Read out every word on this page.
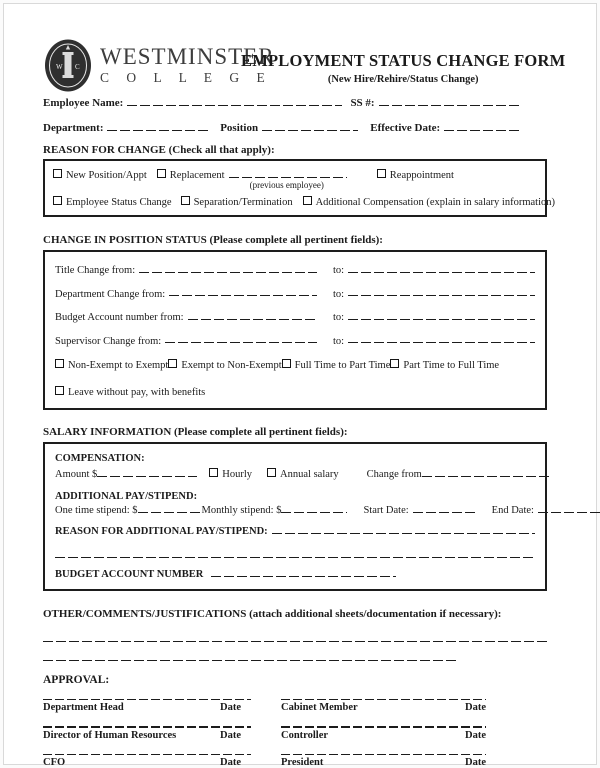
W C WESTMINSTER
C O L L E G E
EMPLOYMENT STATUS CHANGE FORM
(New Hire/Rehire/Status Change)
Employee Name:	SS #:
Department:	Position	Effective Date:
REASON FOR CHANGE (Check all that apply):
New Position/Appt Replacement
(previous employee)
Reappointment
Employee Status Change Separation/Termination Additional Compensation (explain in salary information)
CHANGE IN POSITION STATUS (Please complete all pertinent fields):
Title Change from:	to:
Department Change from:	to:
Budget Account number from:	to:
Supervisor Change from:	to:
Non-Exempt to Exempt Exempt to Non-Exempt Full Time to Part Time Part Time to Full Time
Leave without pay, with benefits
SALARY INFORMATION (Please complete all pertinent fields):
COMPENSATION:
Amount $	Hourly	Annual salary	Change from
ADDITIONAL PAY/STIPEND:
One time stipend: $	Monthly stipend: $	Start Date:	End Date:
REASON FOR ADDITIONAL PAY/STIPEND:
BUDGET ACCOUNT NUMBER
OTHER/COMMENTS/JUSTIFICATIONS (attach additional sheets/documentation if necessary):
APPROVAL:
Department Head	Date	Cabinet Member	Date
Director of Human Resources	Date	Controller	Date
CFO	Date	President	Date
